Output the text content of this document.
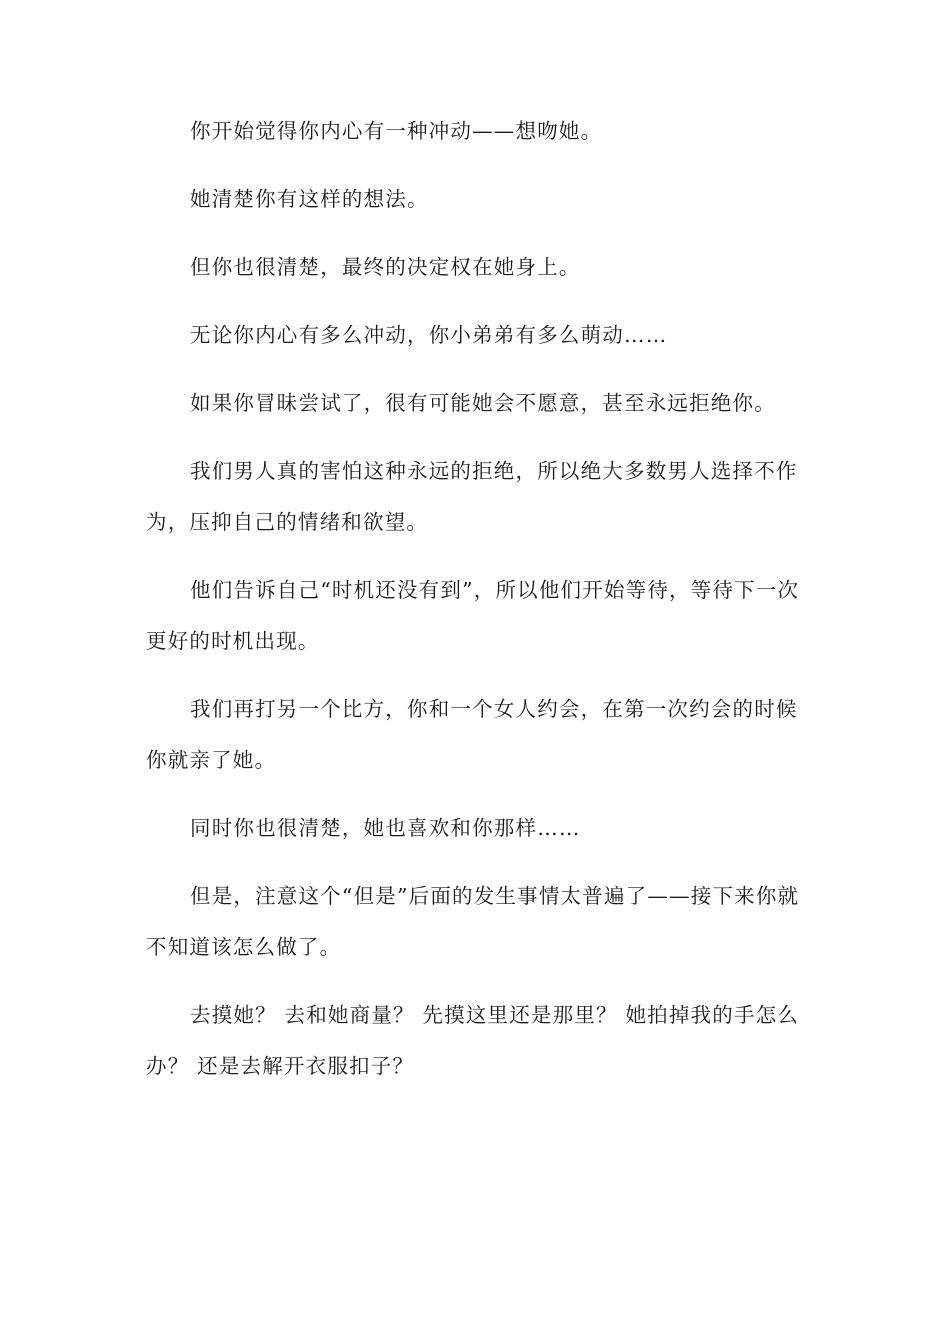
你开始觉得你内心有一种冲动——想吻她。

她清楚你有这样的想法。

但你也很清楚，最终的决定权在她身上。

无论你内心有多么冲动，你小弟弟有多么萌动……

如果你冒昧尝试了，很有可能她会不愿意，甚至永远拒绝你。

我们男人真的害怕这种永远的拒绝，所以绝大多数男人选择不作为，压抑自己的情绪和欲望。

他们告诉自己“时机还没有到”，所以他们开始等待，等待下一次更好的时机出现。

我们再打另一个比方，你和一个女人约会，在第一次约会的时候你就亲了她。

同时你也很清楚，她也喜欢和你那样……

但是，注意这个“但是”后面的发生事情太普遍了——接下来你就不知道该怎么做了。

去摸她？ 去和她商量？ 先摸这里还是那里？ 她拍掉我的手怎么办？ 还是去解开衣服扣子？
